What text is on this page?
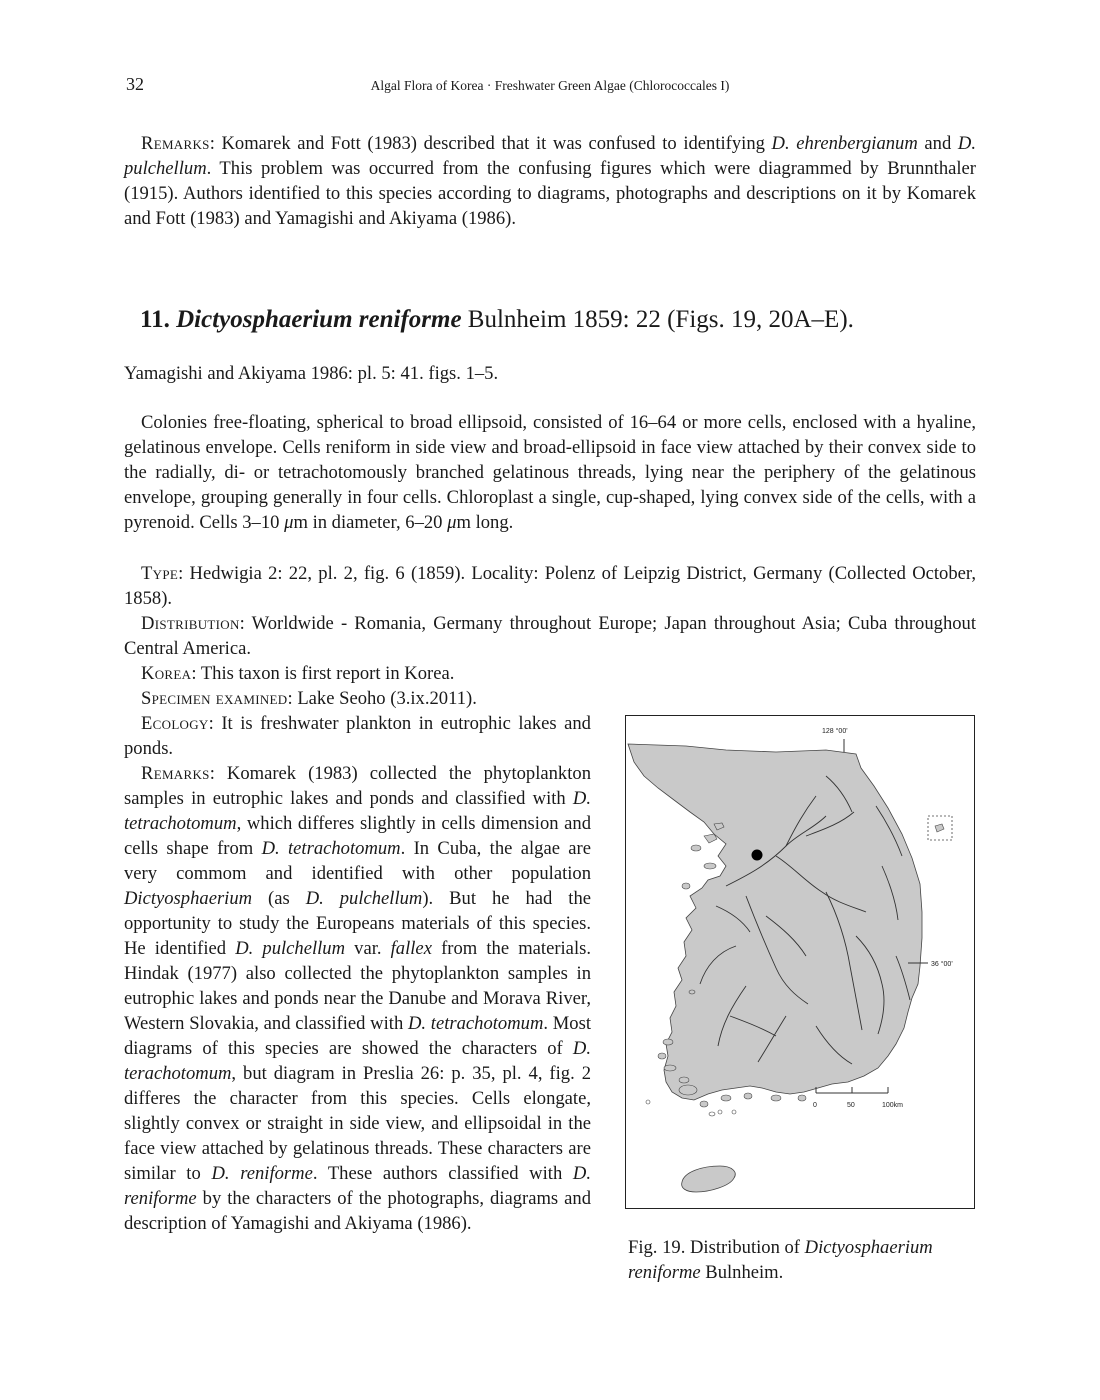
32	Algal Flora of Korea · Freshwater Green Algae (Chlorococcales I)

Remarks: Komarek and Fott (1983) described that it was confused to identifying D. ehrenbergianum and D. pulchellum. This problem was occurred from the confusing figures which were diagrammed by Brunnthaler (1915). Authors identified to this species according to diagrams, photographs and descriptions on it by Komarek and Fott (1983) and Yamagishi and Akiyama (1986).

11. Dictyosphaerium reniforme Bulnheim 1859: 22 (Figs. 19, 20A–E).
Yamagishi and Akiyama 1986: pl. 5: 41. figs. 1–5.

Colonies free-floating, spherical to broad ellipsoid, consisted of 16–64 or more cells, enclosed with a hyaline, gelatinous envelope. Cells reniform in side view and broad-ellipsoid in face view attached by their convex side to the radially, di- or tetrachotomously branched gelatinous threads, lying near the periphery of the gelatinous envelope, grouping generally in four cells. Chloroplast a single, cup-shaped, lying convex side of the cells, with a pyrenoid. Cells 3–10 μm in diameter, 6–20 μm long.

Type: Hedwigia 2: 22, pl. 2, fig. 6 (1859). Locality: Polenz of Leipzig District, Germany (Collected October, 1858).

Distribution: Worldwide - Romania, Germany throughout Europe; Japan throughout Asia; Cuba throughout Central America.

Korea: This taxon is first report in Korea.

Specimen examined: Lake Seoho (3.ix.2011).

Ecology: It is freshwater plankton in eutrophic lakes and ponds.

Remarks: Komarek (1983) collected the phytoplankton samples in eutrophic lakes and ponds and classified with D. tetrachotomum, which differes slightly in cells dimension and cells shape from D. tetrachotomum. In Cuba, the algae are very commom and identified with other population Dictyosphaerium (as D. pulchellum). But he had the opportunity to study the Europeans materials of this species. He identified D. pulchellum var. fallex from the materials. Hindak (1977) also collected the phytoplankton samples in eutrophic lakes and ponds near the Danube and Morava River, Western Slovakia, and classified with D. tetrachotomum. Most diagrams of this species are showed the characters of D. terachotomum, but diagram in Preslia 26: p. 35, pl. 4, fig. 2 differes the character from this species. Cells elongate, slightly convex or straight in side view, and ellipsoidal in the face view attached by gelatinous threads. These characters are similar to D. reniforme. These authors classified with D. reniforme by the characters of the photographs, diagrams and description of Yamagishi and Akiyama (1986).

128 °00'
36 °00'
0	50	100km
Fig. 19. Distribution of Dictyosphaerium reniforme Bulnheim.
